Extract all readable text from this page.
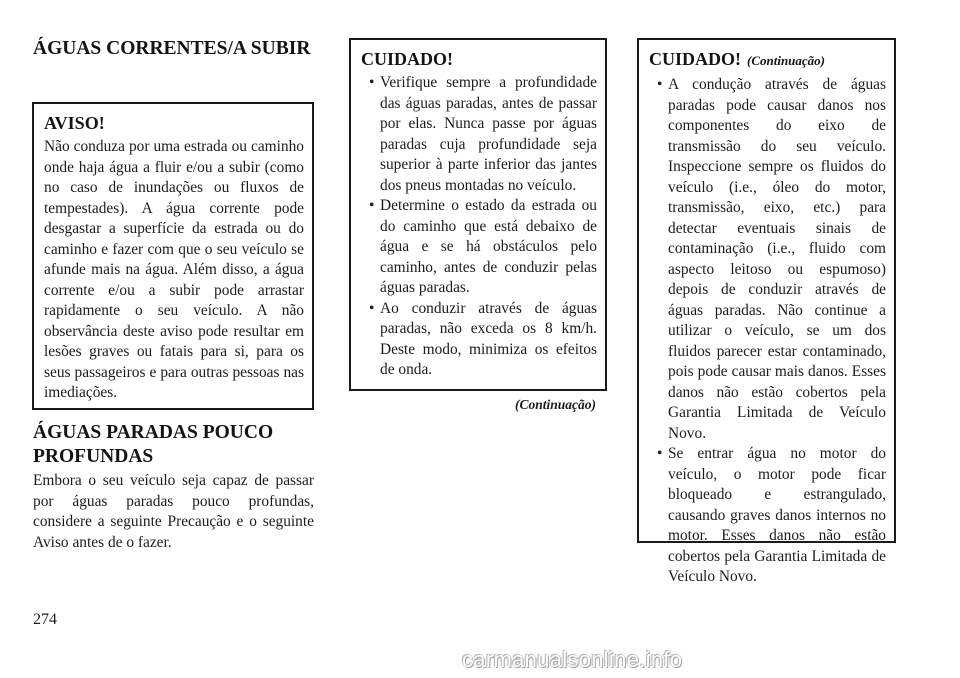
ÁGUAS CORRENTES/A SUBIR

AVISO!

Não conduza por uma estrada ou caminho onde haja água a fluir e/ou a subir (como no caso de inundações ou fluxos de tempestades). A água corrente pode desgastar a superfície da estrada ou do caminho e fazer com que o seu veículo se afunde mais na água. Além disso, a água corrente e/ou a subir pode arrastar rapidamente o seu veículo. A não observância deste aviso pode resultar em lesões graves ou fatais para si, para os seus passageiros e para outras pessoas nas imediações.

ÁGUAS PARADAS POUCO PROFUNDAS

Embora o seu veículo seja capaz de passar por águas paradas pouco profundas, considere a seguinte Precaução e o seguinte Aviso antes de o fazer.

CUIDADO!

• Verifique sempre a profundidade das águas paradas, antes de passar por elas. Nunca passe por águas paradas cuja profundidade seja superior à parte inferior das jantes dos pneus montadas no veículo.
• Determine o estado da estrada ou do caminho que está debaixo de água e se há obstáculos pelo caminho, antes de conduzir pelas águas paradas.
• Ao conduzir através de águas paradas, não exceda os 8 km/h. Deste modo, minimiza os efeitos de onda.
(Continuação)

CUIDADO! (Continuação)

• A condução através de águas paradas pode causar danos nos componentes do eixo de transmissão do seu veículo. Inspeccione sempre os fluidos do veículo (i.e., óleo do motor, transmissão, eixo, etc.) para detectar eventuais sinais de contaminação (i.e., fluido com aspecto leitoso ou espumoso) depois de conduzir através de águas paradas. Não continue a utilizar o veículo, se um dos fluidos parecer estar contaminado, pois pode causar mais danos. Esses danos não estão cobertos pela Garantia Limitada de Veículo Novo.
• Se entrar água no motor do veículo, o motor pode ficar bloqueado e estrangulado, causando graves danos internos no motor. Esses danos não estão cobertos pela Garantia Limitada de Veículo Novo.
274
carmanualsonline.info
